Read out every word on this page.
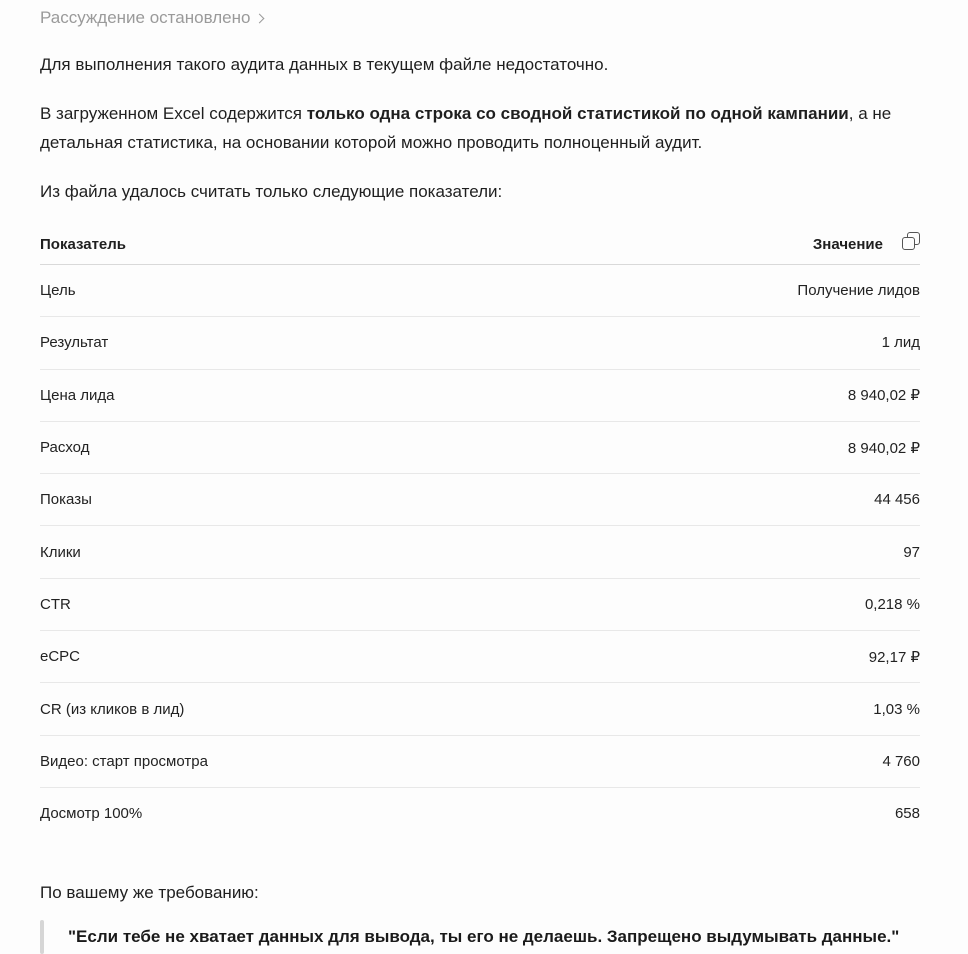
Рассуждение остановлено

Для выполнения такого аудита данных в текущем файле недостаточно.

В загруженном Excel содержится только одна строка со сводной статистикой по одной кампании, а не детальная статистика, на основании которой можно проводить полноценный аудит.

Из файла удалось считать только следующие показатели:

Показатель	Значение
Цель	Получение лидов
Результат	1 лид
Цена лида	8 940,02 ₽
Расход	8 940,02 ₽
Показы	44 456
Клики	97
CTR	0,218 %
eCPC	92,17 ₽
CR (из кликов в лид)	1,03 %
Видео: старт просмотра	4 760
Досмотр 100%	658

По вашему же требованию:

"Если тебе не хватает данных для вывода, ты его не делаешь. Запрещено выдумывать данные."
